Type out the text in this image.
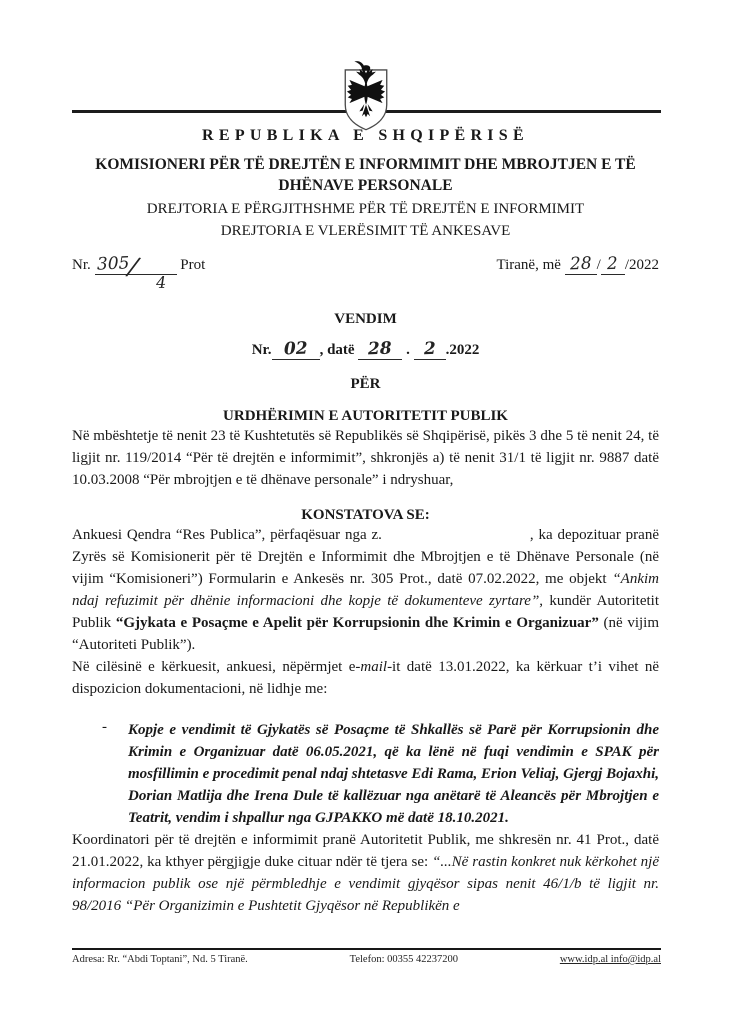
REPUBLIKA E SHQIPËRISË
KOMISIONERI PËR TË DREJTËN E INFORMIMIT DHE MBROJTJEN E TË
DHËNAVE PERSONALE
DREJTORIA E PËRGJITHSHME PËR TË DREJTËN E INFORMIMIT
DREJTORIA E VLERËSIMIT TË ANKESAVE
Nr. 305/	Prot
4
Tiranë, më 28 / 2 /2022
VENDIM
Nr. 02 , datë 28 . 2 .2022
PËR
URDHËRIMIN E AUTORITETIT PUBLIK

Në mbështetje të nenit 23 të Kushtetutës së Republikës së Shqipërisë, pikës 3 dhe 5 të nenit 24, të ligjit nr. 119/2014 “Për të drejtën e informimit”, shkronjës a) të nenit 31/1 të ligjit nr. 9887 datë 10.03.2008 “Për mbrojtjen e të dhënave personale” i ndryshuar,

KONSTATOVA SE:

Ankuesi Qendra “Res Publica”, përfaqësuar nga z.	, ka depozituar pranë Zyrës së Komisionerit për të Drejtën e Informimit dhe Mbrojtjen e të Dhënave Personale (në vijim “Komisioneri”) Formularin e Ankesës nr. 305 Prot., datë 07.02.2022, me objekt “Ankim ndaj refuzimit për dhënie informacioni dhe kopje të dokumenteve zyrtare”, kundër Autoritetit Publik “Gjykata e Posaçme e Apelit për Korrupsionin dhe Krimin e Organizuar” (në vijim “Autoriteti Publik”).

Në cilësinë e kërkuesit, ankuesi, nëpërmjet e-mail-it datë 13.01.2022, ka kërkuar t’i vihet në dispozicion dokumentacioni, në lidhje me:

- Kopje e vendimit të Gjykatës së Posaçme të Shkallës së Parë për Korrupsionin dhe Krimin e Organizuar datë 06.05.2021, që ka lënë në fuqi vendimin e SPAK për mosfillimin e procedimit penal ndaj shtetasve Edi Rama, Erion Veliaj, Gjergj Bojaxhi, Dorian Matlija dhe Irena Dule të kallëzuar nga anëtarë të Aleancës për Mbrojtjen e Teatrit, vendim i shpallur nga GJPAKKO më datë 18.10.2021.

Koordinatori për të drejtën e informimit pranë Autoritetit Publik, me shkresën nr. 41 Prot., datë 21.01.2022, ka kthyer përgjigje duke cituar ndër të tjera se: “...Në rastin konkret nuk kërkohet një informacion publik ose një përmbledhje e vendimit gjyqësor sipas nenit 46/1/b të ligjit nr. 98/2016 “Për Organizimin e Pushtetit Gjyqësor në Republikën e

Adresa: Rr. “Abdi Toptani”, Nd. 5 Tiranë.	Telefon: 00355 42237200	www.idp.al info@idp.al
